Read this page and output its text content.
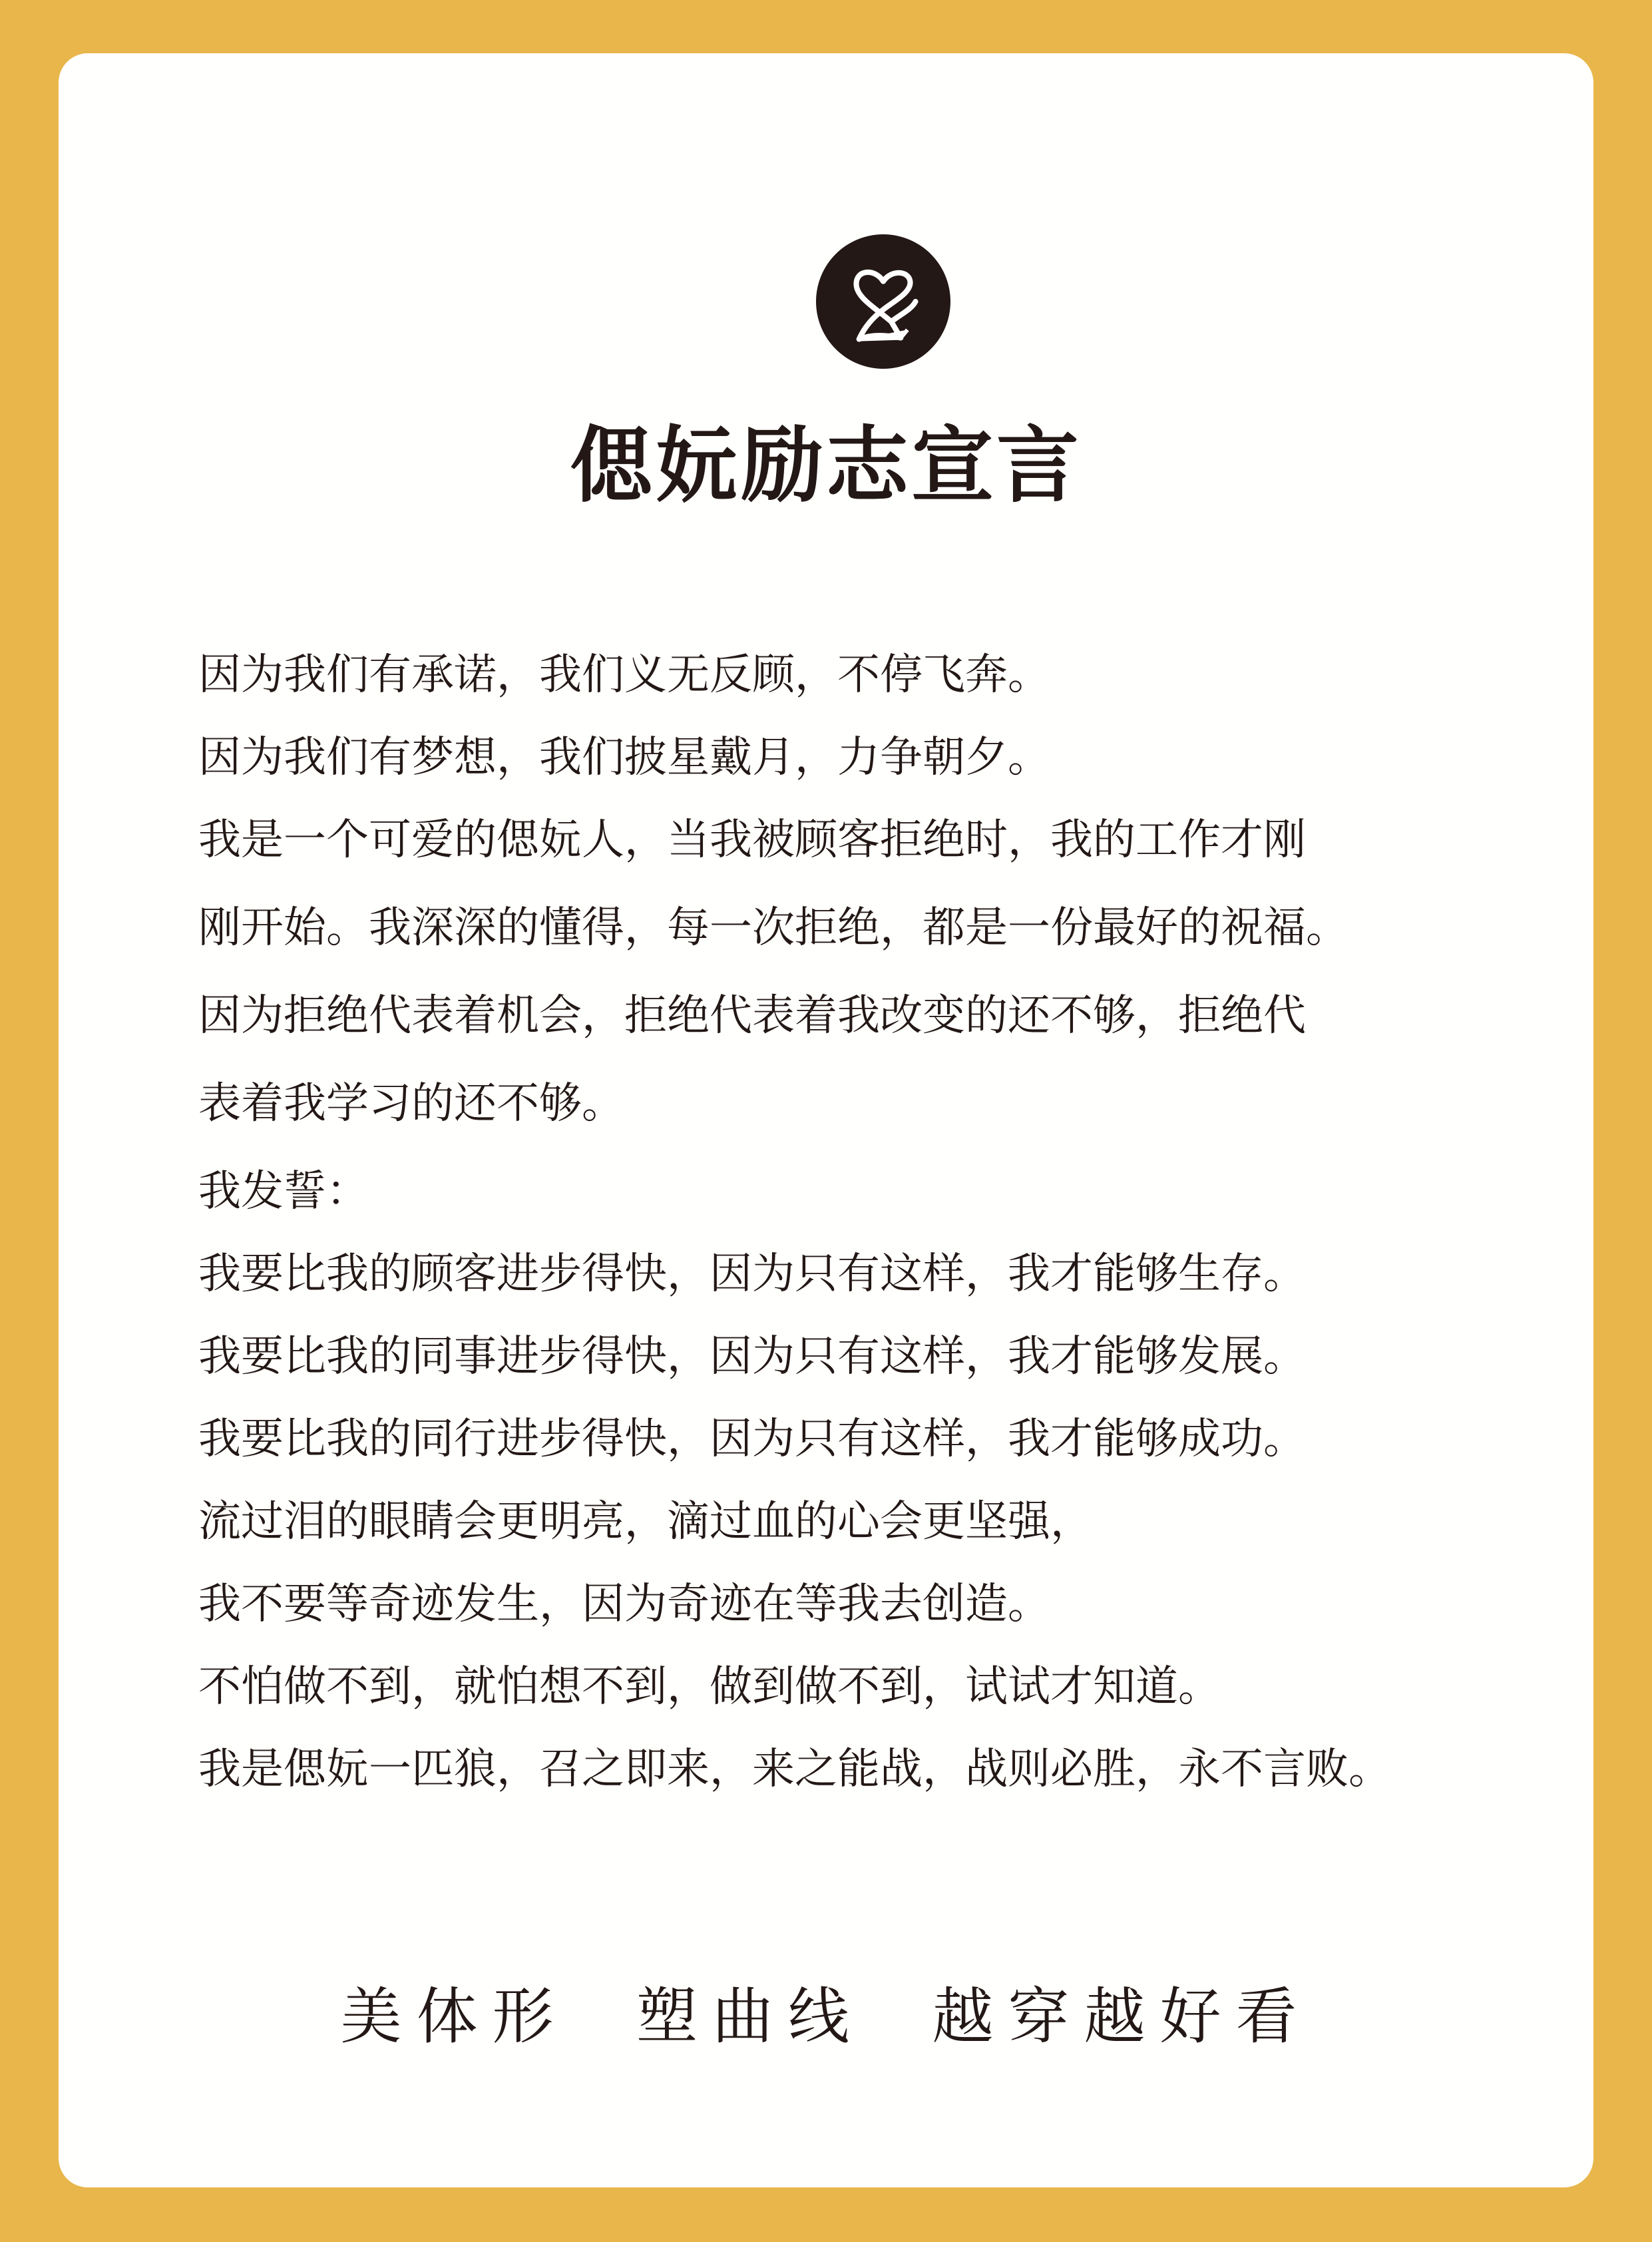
偲妧励志宣言
因为我们有承诺，我们义无反顾，不停飞奔。
因为我们有梦想，我们披星戴月，力争朝夕。
我是一个可爱的偲妧人，当我被顾客拒绝时，我的工作才刚
刚开始。我深深的懂得，每一次拒绝，都是一份最好的祝福。
因为拒绝代表着机会，拒绝代表着我改变的还不够，拒绝代
表着我学习的还不够。
我发誓：
我要比我的顾客进步得快，因为只有这样，我才能够生存。
我要比我的同事进步得快，因为只有这样，我才能够发展。
我要比我的同行进步得快，因为只有这样，我才能够成功。
流过泪的眼睛会更明亮，滴过血的心会更坚强，
我不要等奇迹发生，因为奇迹在等我去创造。
不怕做不到，就怕想不到，做到做不到，试试才知道。
我是偲妧一匹狼，召之即来，来之能战，战则必胜，永不言败。
美体形  塑曲线  越穿越好看
